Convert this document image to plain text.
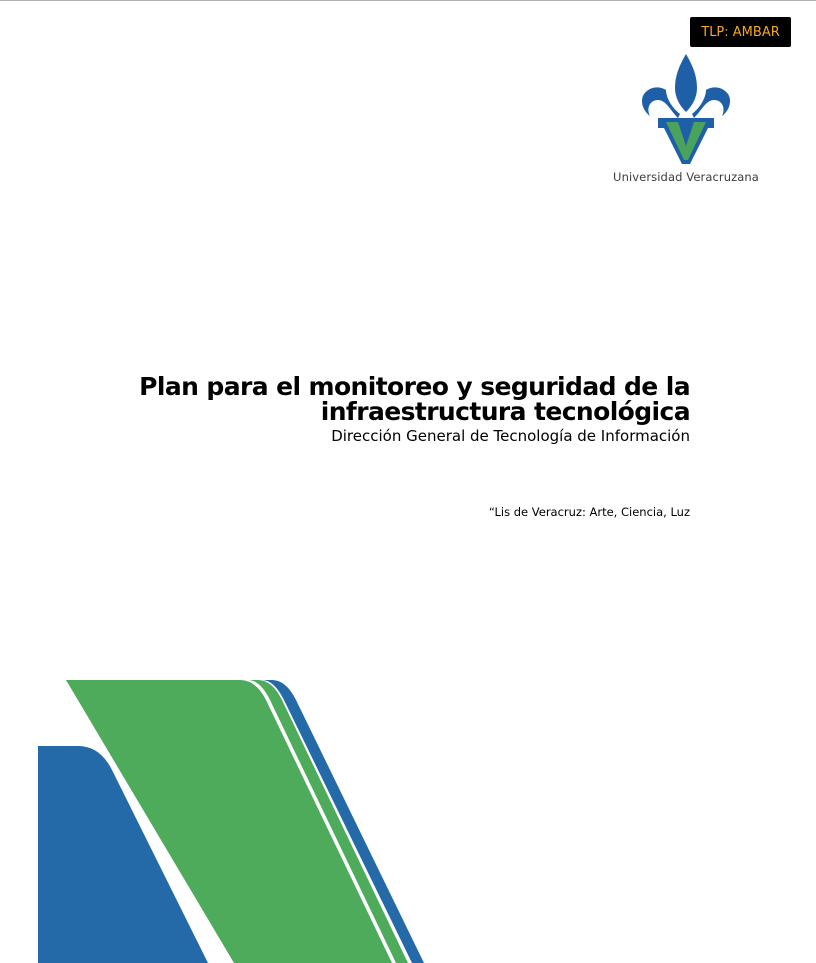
TLP: AMBAR
Universidad Veracruzana
Plan para el monitoreo y seguridad de la
infraestructura tecnológica
Dirección General de Tecnología de Información
“Lis de Veracruz: Arte, Ciencia, Luz
